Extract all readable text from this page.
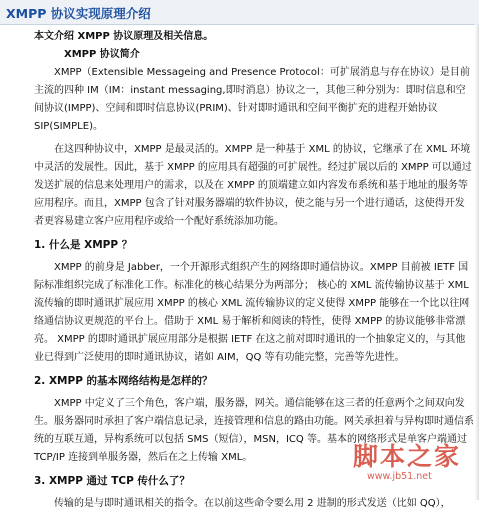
XMPP 协议实现原理介绍

本文介绍 XMPP 协议原理及相关信息。

XMPP 协议简介

XMPP（Extensible Messageing and Presence Protocol：可扩展消息与存在协议）是目前主流的四种 IM（IM：instant messaging,即时消息）协议之一，其他三种分别为：即时信息和空间协议(IMPP)、空间和即时信息协议(PRIM)、针对即时通讯和空间平衡扩充的进程开始协议 SIP(SIMPLE)。

在这四种协议中，XMPP 是最灵活的。XMPP 是一种基于 XML 的协议，它继承了在 XML 环境中灵活的发展性。因此，基于 XMPP 的应用具有超强的可扩展性。经过扩展以后的 XMPP 可以通过发送扩展的信息来处理用户的需求，以及在 XMPP 的顶端建立如内容发布系统和基于地址的服务等应用程序。而且，XMPP 包含了针对服务器端的软件协议，使之能与另一个进行通话，这使得开发者更容易建立客户应用程序或给一个配好系统添加功能。

1. 什么是 XMPP ？

XMPP 的前身是 Jabber，一个开源形式组织产生的网络即时通信协议。XMPP 目前被 IETF 国际标准组织完成了标准化工作。标准化的核心结果分为两部分； 核心的 XML 流传输协议基于 XML 流传输的即时通讯扩展应用 XMPP 的核心 XML 流传输协议的定义使得 XMPP 能够在一个比以往网络通信协议更规范的平台上。借助于 XML 易于解析和阅读的特性，使得 XMPP 的协议能够非常漂亮。 XMPP 的即时通讯扩展应用部分是根据 IETF 在这之前对即时通讯的一个抽象定义的，与其他业已得到广泛使用的即时通讯协议，诸如 AIM，QQ 等有功能完整，完善等先进性。

2. XMPP 的基本网络结构是怎样的？

XMPP 中定义了三个角色，客户端，服务器，网关。通信能够在这三者的任意两个之间双向发生。服务器同时承担了客户端信息记录，连接管理和信息的路由功能。网关承担着与异构即时通信系统的互联互通，异构系统可以包括 SMS（短信），MSN，ICQ 等。基本的网络形式是单客户端通过 TCP/IP 连接到单服务器，然后在之上传输 XML。

3. XMPP 通过 TCP 传什么了？

传输的是与即时通讯相关的指令。在以前这些命令要么用 2 进制的形式发送（比如 QQ），

脚本之家
www.jb51.net
